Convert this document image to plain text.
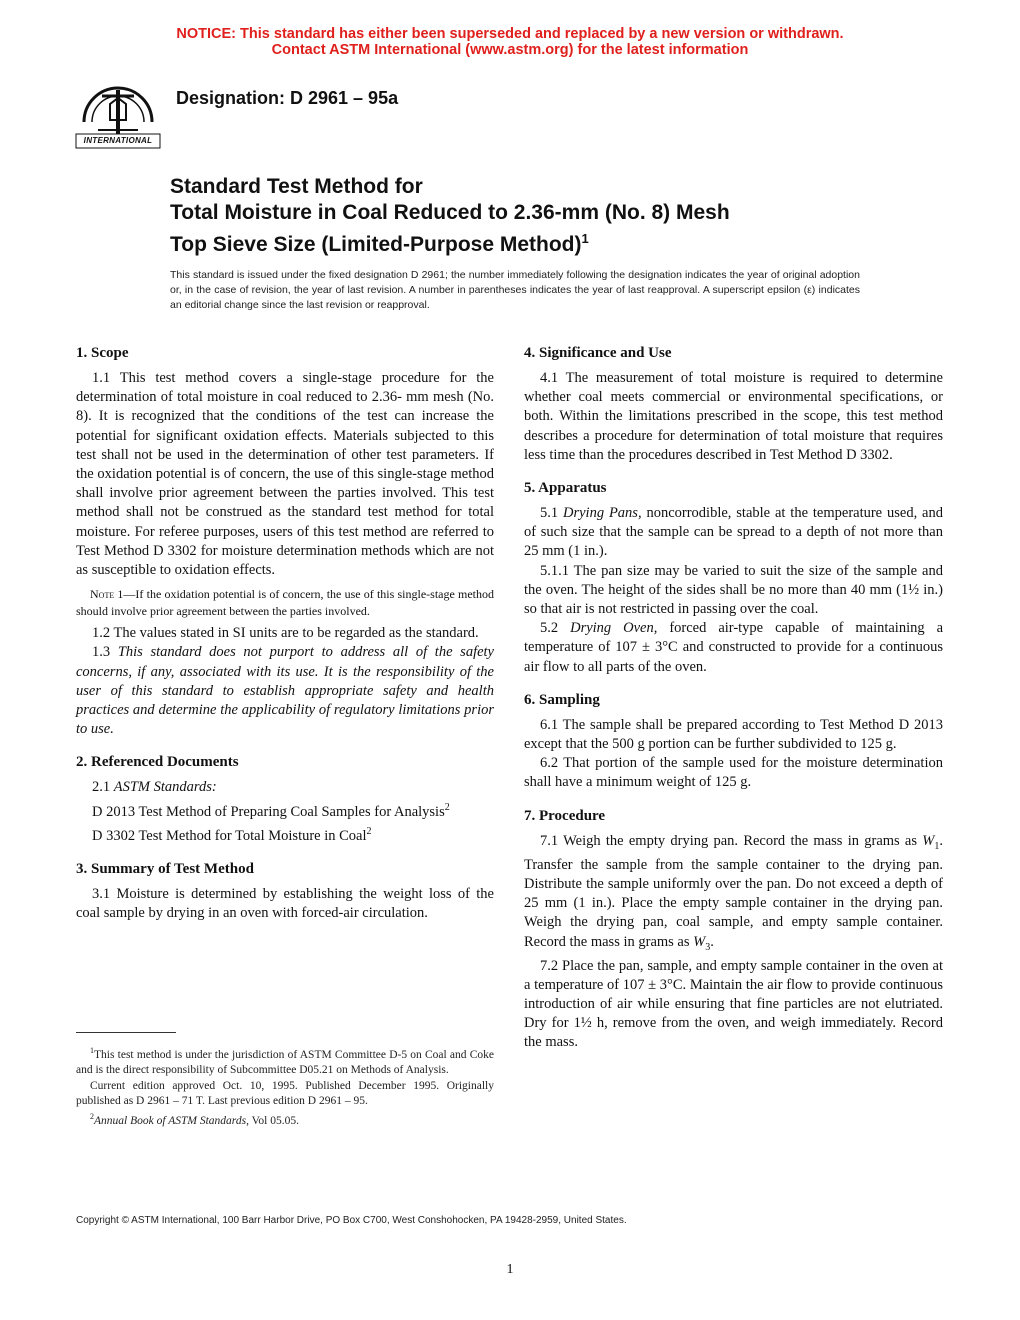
NOTICE: This standard has either been superseded and replaced by a new version or withdrawn.
Contact ASTM International (www.astm.org) for the latest information
INTERNATIONAL
Designation: D 2961 – 95a
Standard Test Method for
Total Moisture in Coal Reduced to 2.36-mm (No. 8) Mesh
Top Sieve Size (Limited-Purpose Method)$^1$
This standard is issued under the fixed designation D 2961; the number immediately following the designation indicates the year of original adoption or, in the case of revision, the year of last revision. A number in parentheses indicates the year of last reapproval. A superscript epsilon (ε) indicates an editorial change since the last revision or reapproval.
1. Scope

1.1 This test method covers a single-stage procedure for the determination of total moisture in coal reduced to 2.36- mm mesh (No. 8). It is recognized that the conditions of the test can increase the potential for significant oxidation effects. Materials subjected to this test shall not be used in the determination of other test parameters. If the oxidation potential is of concern, the use of this single-stage method shall involve prior agreement between the parties involved. This test method shall not be construed as the standard test method for total moisture. For referee purposes, users of this test method are referred to Test Method D 3302 for moisture determination methods which are not as susceptible to oxidation effects.

Note 1—If the oxidation potential is of concern, the use of this single-stage method should involve prior agreement between the parties involved.

1.2 The values stated in SI units are to be regarded as the standard.

1.3 This standard does not purport to address all of the safety concerns, if any, associated with its use. It is the responsibility of the user of this standard to establish appropriate safety and health practices and determine the applicability of regulatory limitations prior to use.

2. Referenced Documents

2.1 ASTM Standards:

D 2013 Test Method of Preparing Coal Samples for Analysis$^2$

D 3302 Test Method for Total Moisture in Coal$^2$

3. Summary of Test Method

3.1 Moisture is determined by establishing the weight loss of the coal sample by drying in an oven with forced-air circulation.

4. Significance and Use

4.1 The measurement of total moisture is required to determine whether coal meets commercial or environmental specifications, or both. Within the limitations prescribed in the scope, this test method describes a procedure for determination of total moisture that requires less time than the procedures described in Test Method D 3302.

5. Apparatus

5.1 Drying Pans, noncorrodible, stable at the temperature used, and of such size that the sample can be spread to a depth of not more than 25 mm (1 in.).

5.1.1 The pan size may be varied to suit the size of the sample and the oven. The height of the sides shall be no more than 40 mm (1½ in.) so that air is not restricted in passing over the coal.

5.2 Drying Oven, forced air-type capable of maintaining a temperature of 107 ± 3°C and constructed to provide for a continuous air flow to all parts of the oven.

6. Sampling

6.1 The sample shall be prepared according to Test Method D 2013 except that the 500 g portion can be further subdivided to 125 g.

6.2 That portion of the sample used for the moisture determination shall have a minimum weight of 125 g.

7. Procedure

7.1 Weigh the empty drying pan. Record the mass in grams as $W_1$. Transfer the sample from the sample container to the drying pan. Distribute the sample uniformly over the pan. Do not exceed a depth of 25 mm (1 in.). Place the empty sample container in the drying pan. Weigh the drying pan, coal sample, and empty sample container. Record the mass in grams as $W_3$.

7.2 Place the pan, sample, and empty sample container in the oven at a temperature of 107 ± 3°C. Maintain the air flow to provide continuous introduction of air while ensuring that fine particles are not elutriated. Dry for 1½ h, remove from the oven, and weigh immediately. Record the mass.

$^1$This test method is under the jurisdiction of ASTM Committee D-5 on Coal and Coke and is the direct responsibility of Subcommittee D05.21 on Methods of Analysis.

Current edition approved Oct. 10, 1995. Published December 1995. Originally published as D 2961 – 71 T. Last previous edition D 2961 – 95.

$^2$Annual Book of ASTM Standards, Vol 05.05.

Copyright © ASTM International, 100 Barr Harbor Drive, PO Box C700, West Conshohocken, PA 19428-2959, United States.
1
